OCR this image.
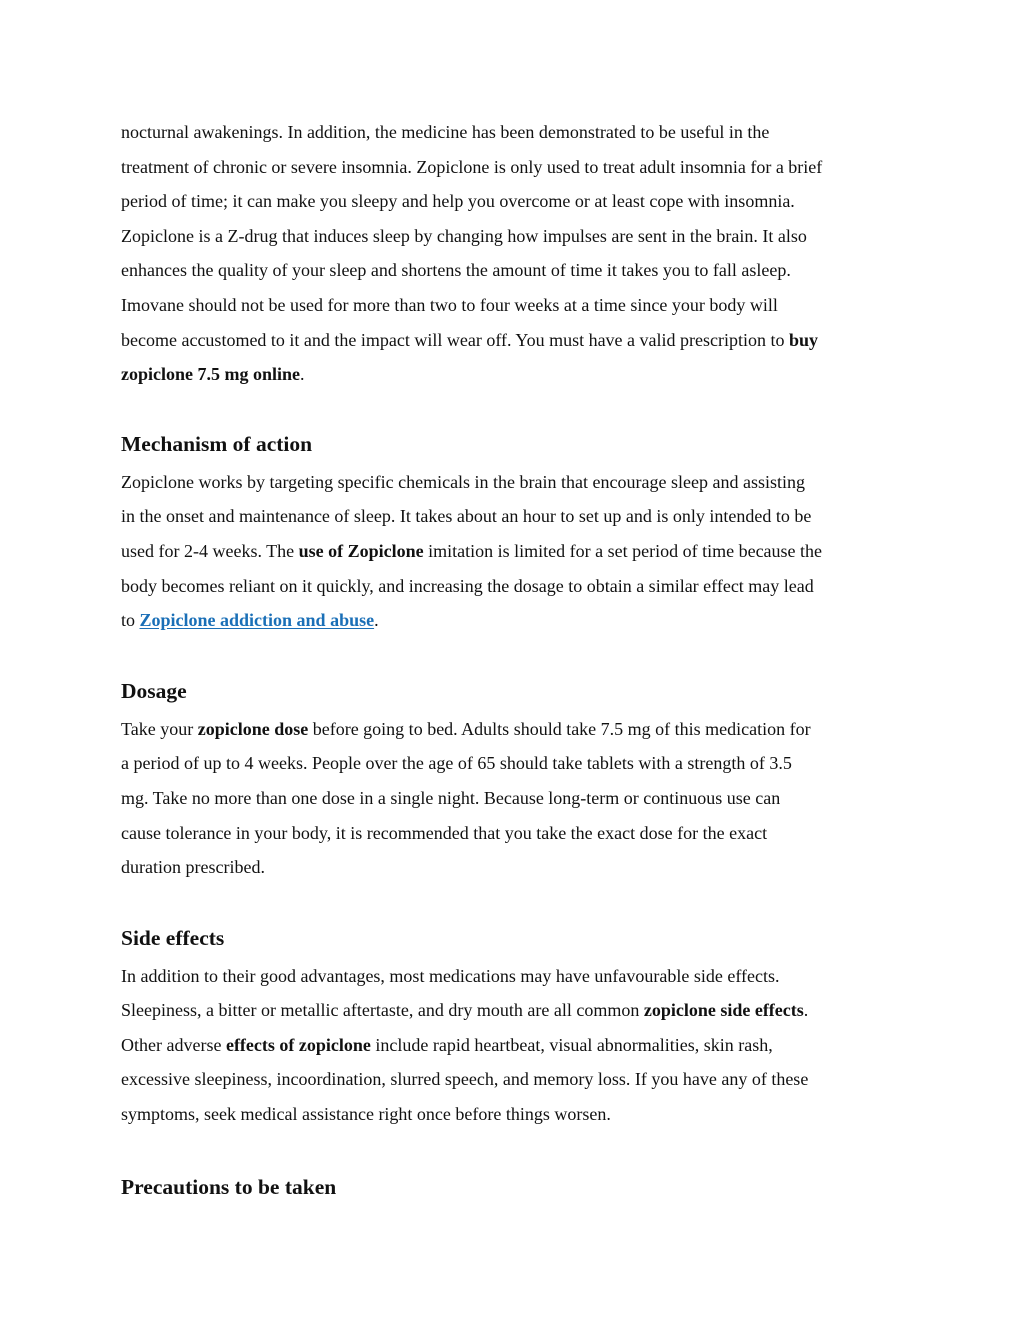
nocturnal awakenings. In addition, the medicine has been demonstrated to be useful in the
treatment of chronic or severe insomnia. Zopiclone is only used to treat adult insomnia for a brief
period of time; it can make you sleepy and help you overcome or at least cope with insomnia.
Zopiclone is a Z-drug that induces sleep by changing how impulses are sent in the brain. It also
enhances the quality of your sleep and shortens the amount of time it takes you to fall asleep.
Imovane should not be used for more than two to four weeks at a time since your body will
become accustomed to it and the impact will wear off. You must have a valid prescription to buy
zopiclone 7.5 mg online.

Mechanism of action

Zopiclone works by targeting specific chemicals in the brain that encourage sleep and assisting
in the onset and maintenance of sleep. It takes about an hour to set up and is only intended to be
used for 2-4 weeks. The use of Zopiclone imitation is limited for a set period of time because the
body becomes reliant on it quickly, and increasing the dosage to obtain a similar effect may lead
to Zopiclone addiction and abuse.

Dosage

Take your zopiclone dose before going to bed. Adults should take 7.5 mg of this medication for
a period of up to 4 weeks. People over the age of 65 should take tablets with a strength of 3.5
mg. Take no more than one dose in a single night. Because long-term or continuous use can
cause tolerance in your body, it is recommended that you take the exact dose for the exact
duration prescribed.

Side effects

In addition to their good advantages, most medications may have unfavourable side effects.
Sleepiness, a bitter or metallic aftertaste, and dry mouth are all common zopiclone side effects.
Other adverse effects of zopiclone include rapid heartbeat, visual abnormalities, skin rash,
excessive sleepiness, incoordination, slurred speech, and memory loss. If you have any of these
symptoms, seek medical assistance right once before things worsen.

Precautions to be taken
